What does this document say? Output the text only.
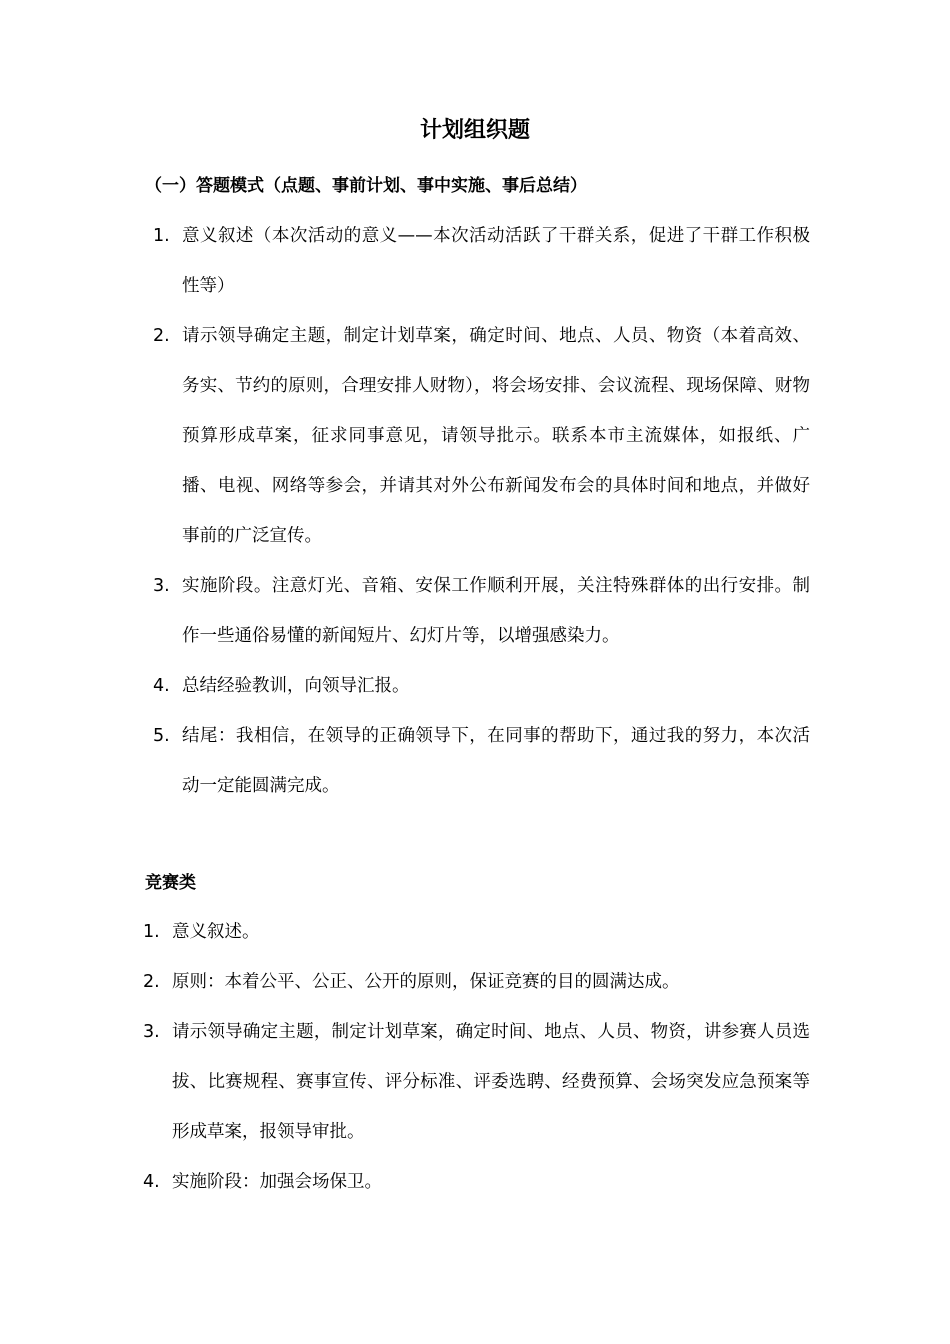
计划组织题
（一）答题模式（点题、事前计划、事中实施、事后总结）
1. 意义叙述（本次活动的意义——本次活动活跃了干群关系，促进了干群工作积极性等）
2. 请示领导确定主题，制定计划草案，确定时间、地点、人员、物资（本着高效、务实、节约的原则，合理安排人财物），将会场安排、会议流程、现场保障、财物预算形成草案，征求同事意见，请领导批示。联系本市主流媒体，如报纸、广播、电视、网络等参会，并请其对外公布新闻发布会的具体时间和地点，并做好事前的广泛宣传。
3. 实施阶段。注意灯光、音箱、安保工作顺利开展，关注特殊群体的出行安排。制作一些通俗易懂的新闻短片、幻灯片等，以增强感染力。
4. 总结经验教训，向领导汇报。
5. 结尾：我相信，在领导的正确领导下，在同事的帮助下，通过我的努力，本次活动一定能圆满完成。
竞赛类
1. 意义叙述。
2. 原则：本着公平、公正、公开的原则，保证竞赛的目的圆满达成。
3. 请示领导确定主题，制定计划草案，确定时间、地点、人员、物资，讲参赛人员选拔、比赛规程、赛事宣传、评分标准、评委选聘、经费预算、会场突发应急预案等形成草案，报领导审批。
4. 实施阶段：加强会场保卫。
